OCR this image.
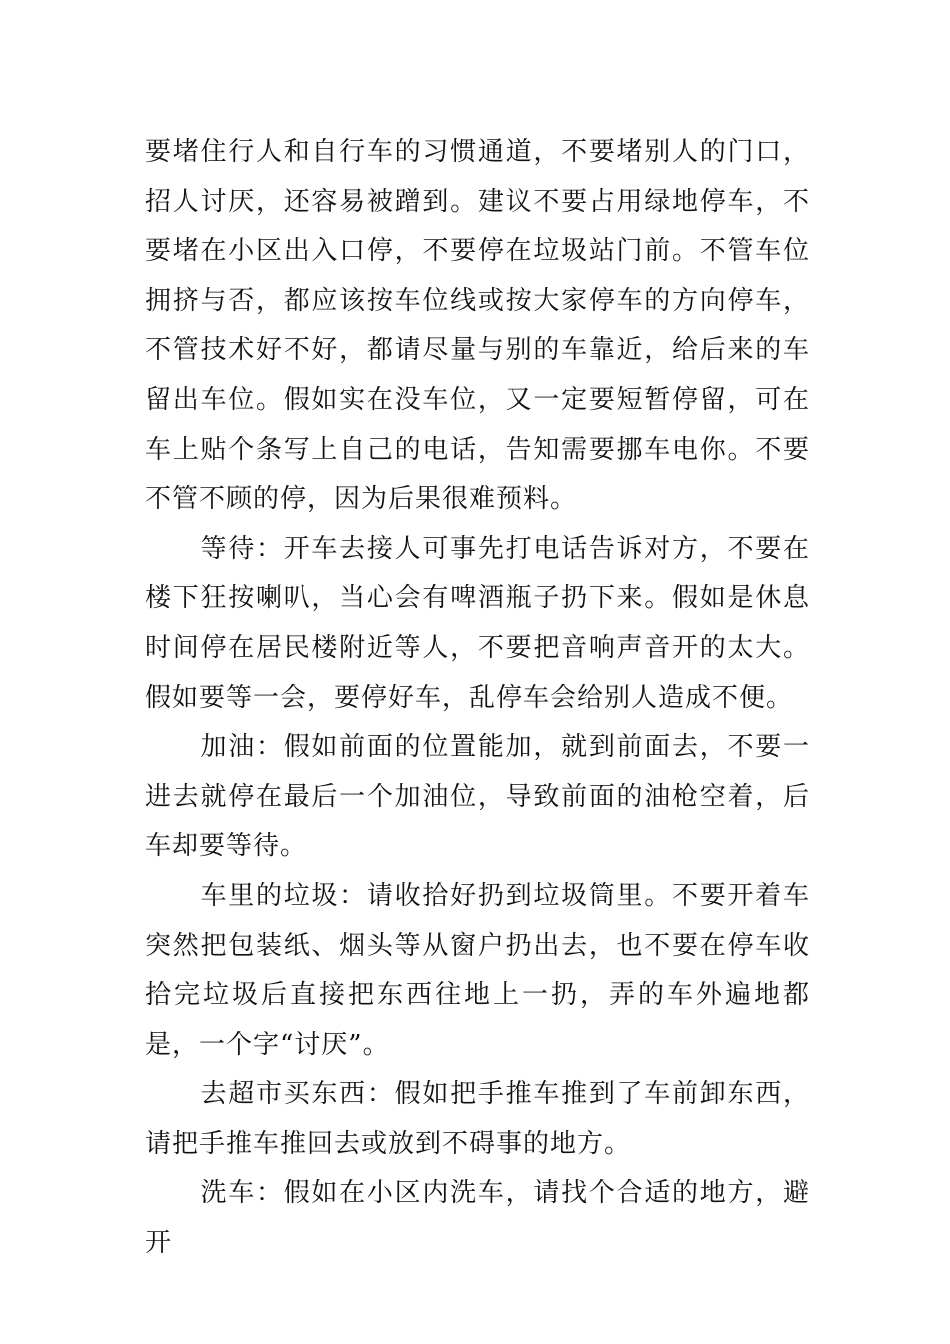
要堵住行人和自行车的习惯通道，不要堵别人的门口，招人讨厌，还容易被蹭到。建议不要占用绿地停车，不要堵在小区出入口停，不要停在垃圾站门前。不管车位拥挤与否，都应该按车位线或按大家停车的方向停车，不管技术好不好，都请尽量与别的车靠近，给后来的车留出车位。假如实在没车位，又一定要短暂停留，可在车上贴个条写上自己的电话，告知需要挪车电你。不要不管不顾的停，因为后果很难预料。

　　等待：开车去接人可事先打电话告诉对方，不要在楼下狂按喇叭，当心会有啤酒瓶子扔下来。假如是休息时间停在居民楼附近等人，不要把音响声音开的太大。假如要等一会，要停好车，乱停车会给别人造成不便。

　　加油：假如前面的位置能加，就到前面去，不要一进去就停在最后一个加油位，导致前面的油枪空着，后车却要等待。

　　车里的垃圾：请收拾好扔到垃圾筒里。不要开着车突然把包装纸、烟头等从窗户扔出去，也不要在停车收拾完垃圾后直接把东西往地上一扔，弄的车外遍地都是，一个字“讨厌”。

　　去超市买东西：假如把手推车推到了车前卸东西，请把手推车推回去或放到不碍事的地方。

　　洗车：假如在小区内洗车，请找个合适的地方，避开
